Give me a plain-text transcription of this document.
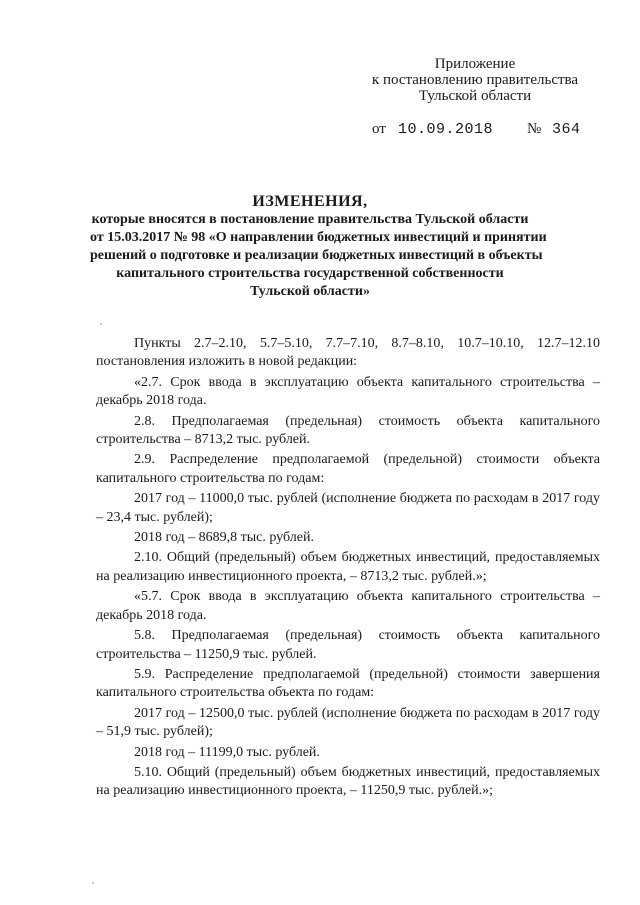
Приложение
к постановлению правительства
Тульской области
от 10.09.2018 № 364
ИЗМЕНЕНИЯ,
которые вносятся в постановление правительства Тульской области
от 15.03.2017 № 98 «О направлении бюджетных инвестиций и принятии
решений о подготовке и реализации бюджетных инвестиций в объекты
капитального строительства государственной собственности
Тульской области»

Пункты 2.7–2.10, 5.7–5.10, 7.7–7.10, 8.7–8.10, 10.7–10.10, 12.7–12.10 постановления изложить в новой редакции:

«2.7. Срок ввода в эксплуатацию объекта капитального строительства – декабрь 2018 года.

2.8. Предполагаемая (предельная) стоимость объекта капитального строительства – 8713,2 тыс. рублей.

2.9. Распределение предполагаемой (предельной) стоимости объекта капитального строительства по годам:

2017 год – 11000,0 тыс. рублей (исполнение бюджета по расходам в 2017 году – 23,4 тыс. рублей);

2018 год – 8689,8 тыс. рублей.

2.10. Общий (предельный) объем бюджетных инвестиций, предоставляемых на реализацию инвестиционного проекта, – 8713,2 тыс. рублей.»;

«5.7. Срок ввода в эксплуатацию объекта капитального строительства – декабрь 2018 года.

5.8. Предполагаемая (предельная) стоимость объекта капитального строительства – 11250,9 тыс. рублей.

5.9. Распределение предполагаемой (предельной) стоимости завершения капитального строительства объекта по годам:

2017 год – 12500,0 тыс. рублей (исполнение бюджета по расходам в 2017 году – 51,9 тыс. рублей);

2018 год – 11199,0 тыс. рублей.

5.10. Общий (предельный) объем бюджетных инвестиций, предоставляемых на реализацию инвестиционного проекта, – 11250,9 тыс. рублей.»;
